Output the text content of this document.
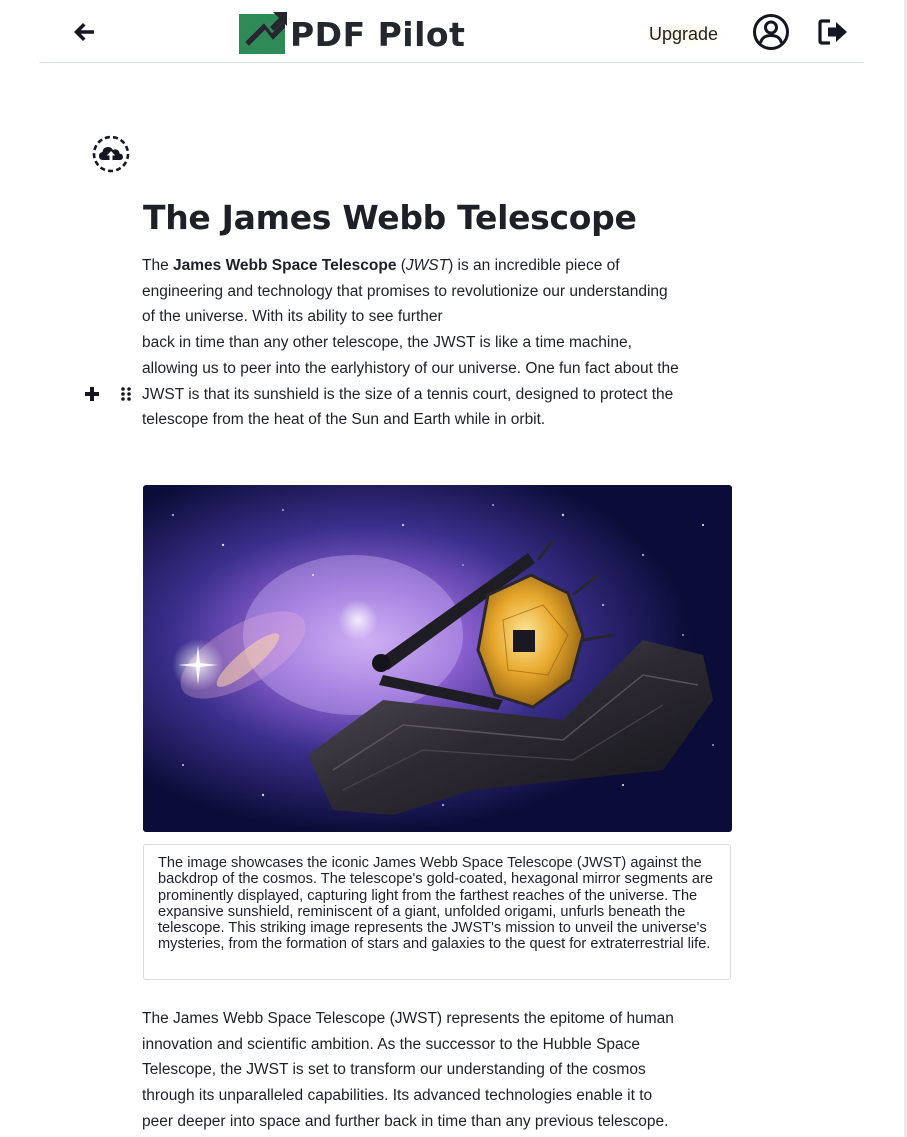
PDF Pilot	Upgrade
The James Webb Telescope

The James Webb Space Telescope (JWST) is an incredible piece of
engineering and technology that promises to revolutionize our understanding
of the universe. With its ability to see further
back in time than any other telescope, the JWST is like a time machine,
allowing us to peer into the earlyhistory of our universe. One fun fact about the
JWST is that its sunshield is the size of a tennis court, designed to protect the
telescope from the heat of the Sun and Earth while in orbit.

The image showcases the iconic James Webb Space Telescope (JWST) against the backdrop of the cosmos. The telescope's gold-coated, hexagonal mirror segments are prominently displayed, capturing light from the farthest reaches of the universe. The expansive sunshield, reminiscent of a giant, unfolded origami, unfurls beneath the telescope. This striking image represents the JWST's mission to unveil the universe's mysteries, from the formation of stars and galaxies to the quest for extraterrestrial life.

The James Webb Space Telescope (JWST) represents the epitome of human
innovation and scientific ambition. As the successor to the Hubble Space
Telescope, the JWST is set to transform our understanding of the cosmos
through its unparalleled capabilities. Its advanced technologies enable it to
peer deeper into space and further back in time than any previous telescope.
